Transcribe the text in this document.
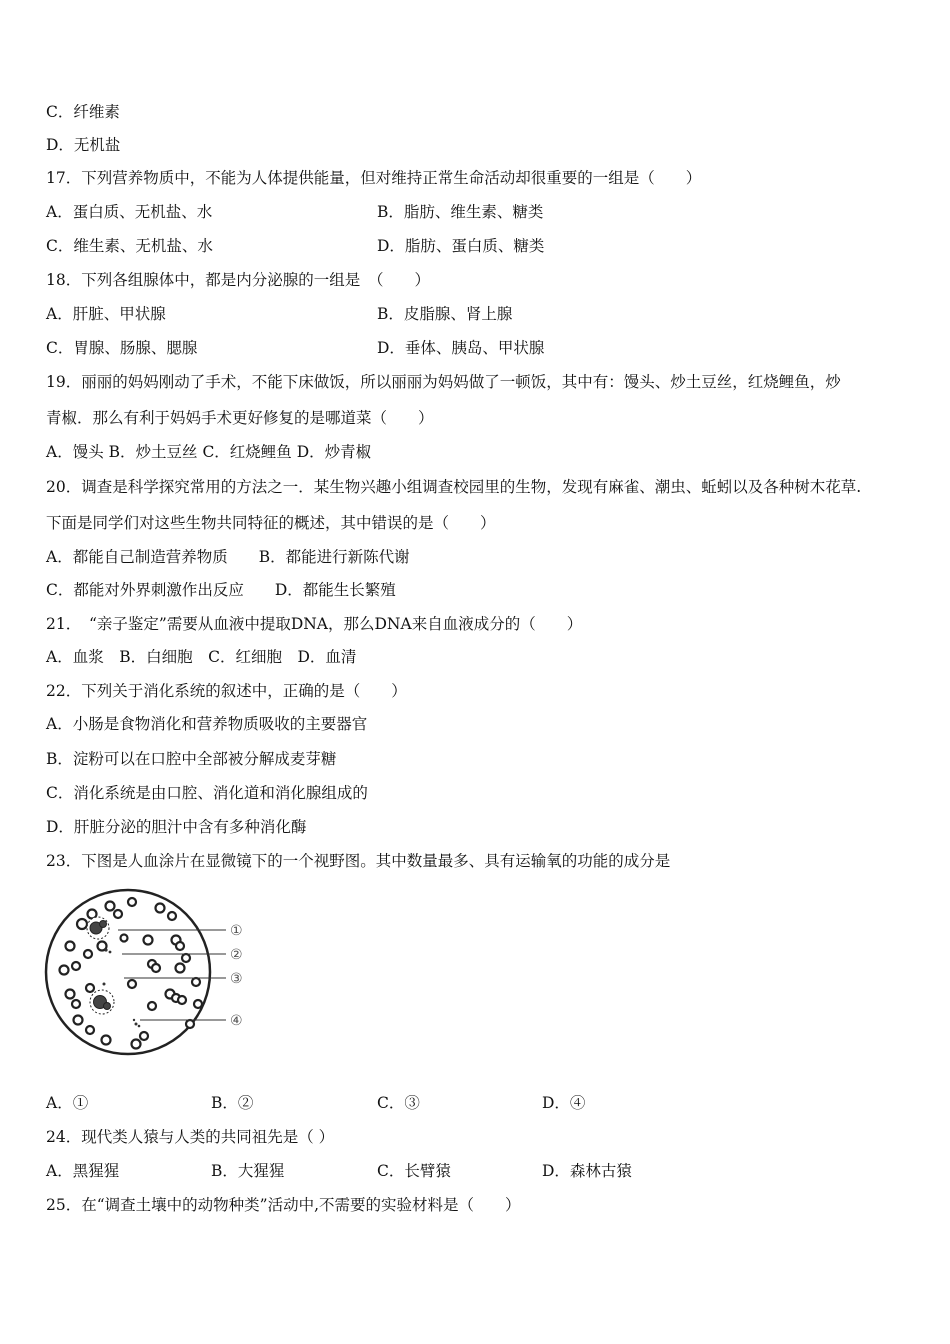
C．纤维素
D．无机盐
17．下列营养物质中，不能为人体提供能量，但对维持正常生命活动却很重要的一组是（　　）
A．蛋白质、无机盐、水	B．脂肪、维生素、糖类
C．维生素、无机盐、水	D．脂肪、蛋白质、糖类
18．下列各组腺体中，都是内分泌腺的一组是　（　　）
A．肝脏、甲状腺	B．皮脂腺、肾上腺
C．胃腺、肠腺、腮腺	D．垂体、胰岛、甲状腺
19．丽丽的妈妈刚动了手术，不能下床做饭，所以丽丽为妈妈做了一顿饭，其中有：馒头、炒土豆丝，红烧鲤鱼，炒
青椒．那么有利于妈妈手术更好修复的是哪道菜（　　）
A．馒头 B．炒土豆丝 C．红烧鲤鱼 D．炒青椒
20．调查是科学探究常用的方法之一．某生物兴趣小组调查校园里的生物，发现有麻雀、潮虫、蚯蚓以及各种树木花草.
下面是同学们对这些生物共同特征的概述，其中错误的是（　　）
A．都能自己制造营养物质　　B．都能进行新陈代谢
C．都能对外界刺激作出反应　　D．都能生长繁殖
21．　“亲子鉴定”需要从血液中提取DNA，那么DNA来自血液成分的（　　）
A．血浆　B．白细胞　C．红细胞　D．血清
22．下列关于消化系统的叙述中，正确的是（　　）
A．小肠是食物消化和营养物质吸收的主要器官
B．淀粉可以在口腔中全部被分解成麦芽糖
C．消化系统是由口腔、消化道和消化腺组成的
D．肝脏分泌的胆汁中含有多种消化酶
23．下图是人血涂片在显微镜下的一个视野图。其中数量最多、具有运输氧的功能的成分是
①
②
③
④
A．①	B．②	C．③	D．④
24．现代类人猿与人类的共同祖先是（ ）
A．黑猩猩	B．大猩猩	C．长臂猿	D．森林古猿
25．在“调查土壤中的动物种类”活动中,不需要的实验材料是（　　）
